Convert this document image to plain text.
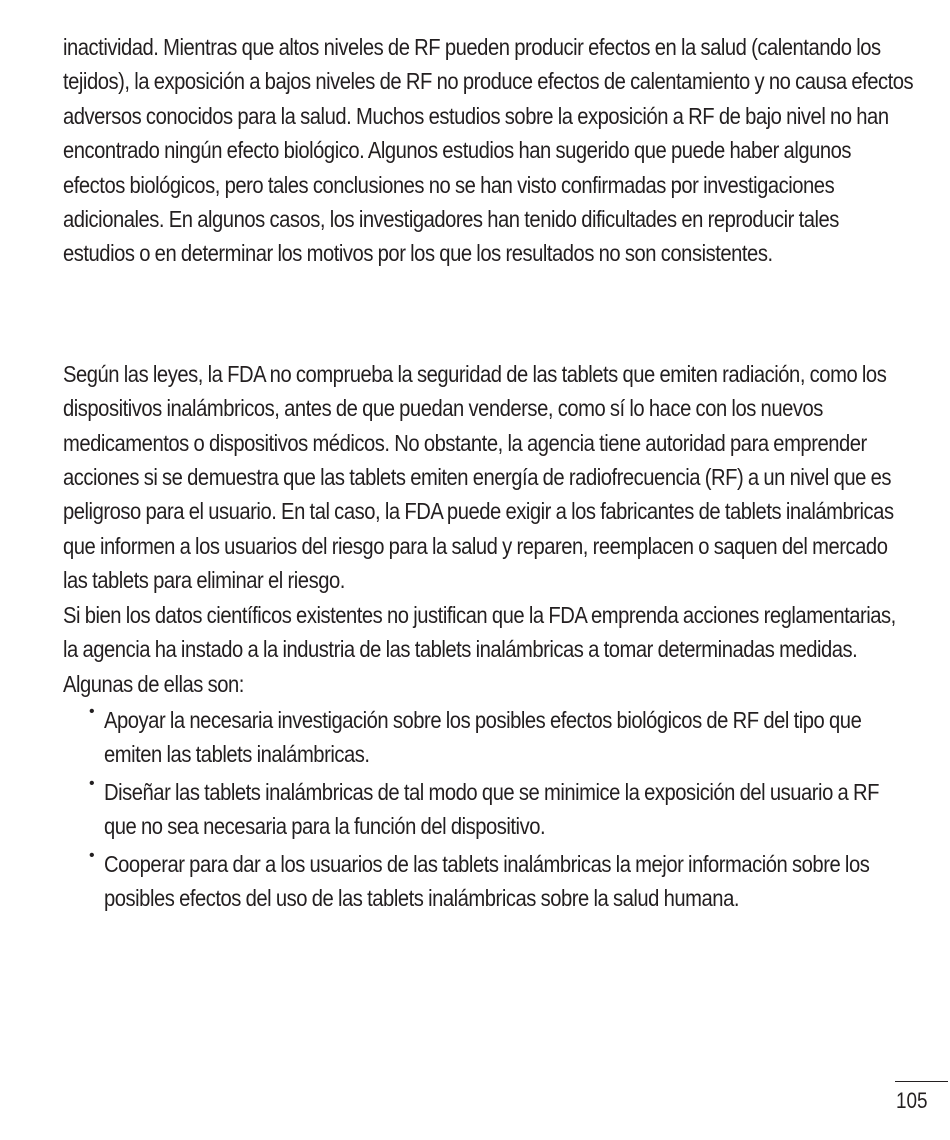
inactividad. Mientras que altos niveles de RF pueden producir efectos en la salud (calentando los tejidos), la exposición a bajos niveles de RF no produce efectos de calentamiento y no causa efectos adversos conocidos para la salud. Muchos estudios sobre la exposición a RF de bajo nivel no han encontrado ningún efecto biológico. Algunos estudios han sugerido que puede haber algunos efectos biológicos, pero tales conclusiones no se han visto confirmadas por investigaciones adicionales. En algunos casos, los investigadores han tenido dificultades en reproducir tales estudios o en determinar los motivos por los que los resultados no son consistentes.

Según las leyes, la FDA no comprueba la seguridad de las tablets que emiten radiación, como los dispositivos inalámbricos, antes de que puedan venderse, como sí lo hace con los nuevos medicamentos o dispositivos médicos. No obstante, la agencia tiene autoridad para emprender acciones si se demuestra que las tablets emiten energía de radiofrecuencia (RF) a un nivel que es peligroso para el usuario. En tal caso, la FDA puede exigir a los fabricantes de tablets inalámbricas que informen a los usuarios del riesgo para la salud y reparen, reemplacen o saquen del mercado las tablets para eliminar el riesgo.

Si bien los datos científicos existentes no justifican que la FDA emprenda acciones reglamentarias, la agencia ha instado a la industria de las tablets inalámbricas a tomar determinadas medidas. Algunas de ellas son:

• Apoyar la necesaria investigación sobre los posibles efectos biológicos de RF del tipo que emiten las tablets inalámbricas.
• Diseñar las tablets inalámbricas de tal modo que se minimice la exposición del usuario a RF que no sea necesaria para la función del dispositivo.
• Cooperar para dar a los usuarios de las tablets inalámbricas la mejor información sobre los posibles efectos del uso de las tablets inalámbricas sobre la salud humana.
105
